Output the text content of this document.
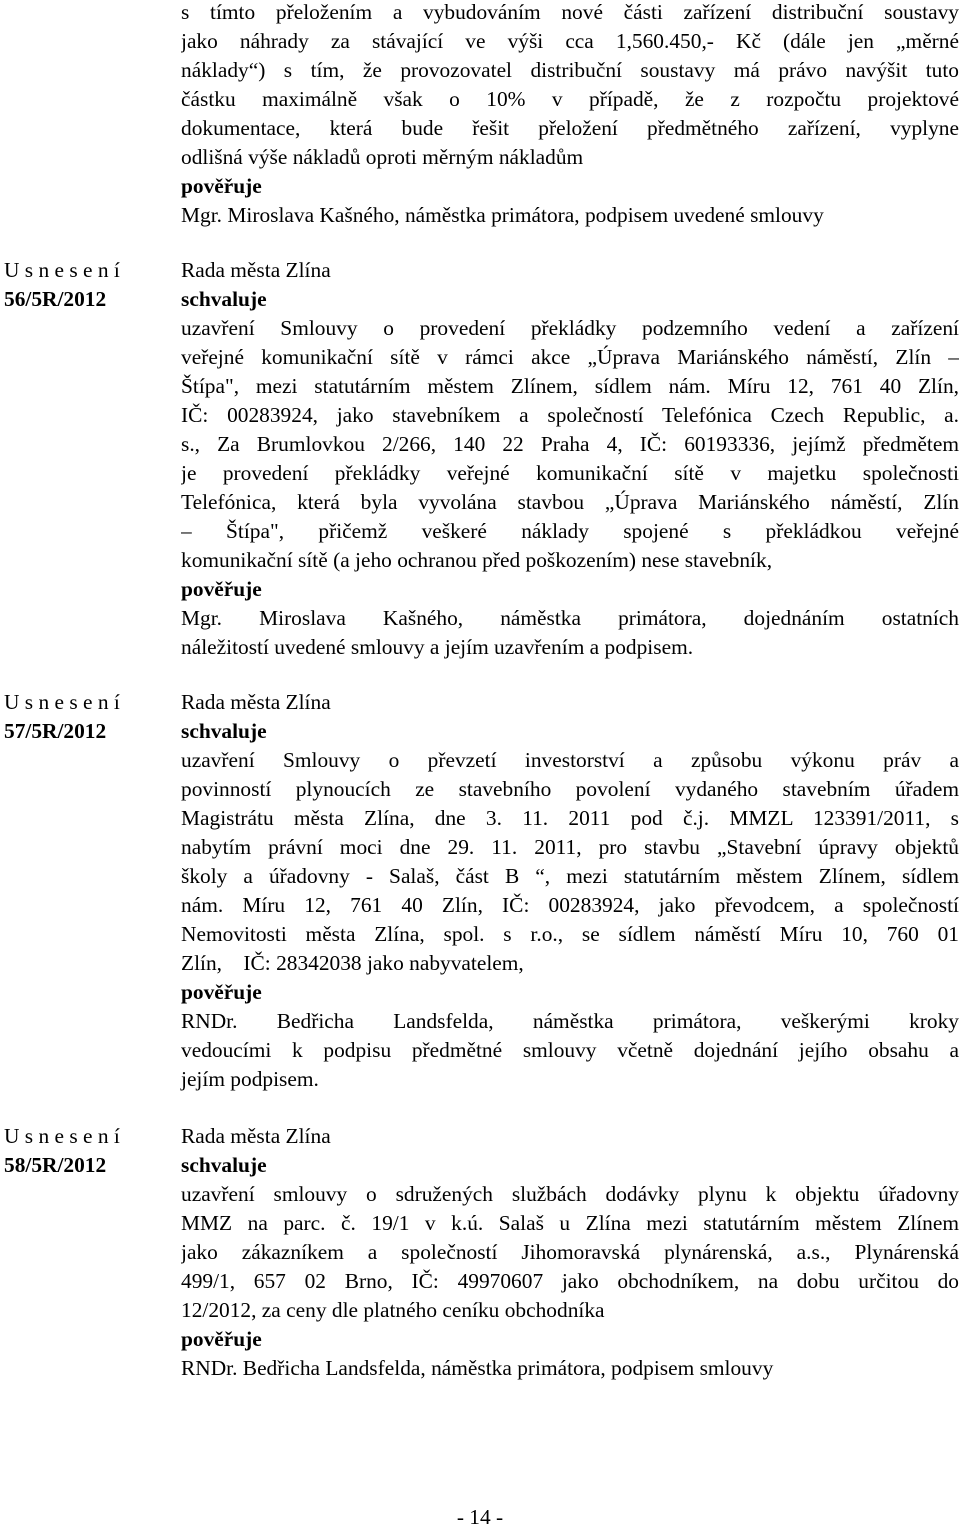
s tímto přeložením a vybudováním nové části zařízení distribuční soustavy
jako náhrady za stávající ve výši cca 1,560.450,- Kč (dále jen „měrné
náklady“) s tím, že provozovatel distribuční soustavy má právo navýšit tuto
částku maximálně však o 10% v případě, že z rozpočtu projektové
dokumentace, která bude řešit přeložení předmětného zařízení, vyplyne
odlišná výše nákladů oproti měrným nákladům
pověřuje
Mgr. Miroslava Kašného, náměstka primátora, podpisem uvedené smlouvy
U s n e s e n í
56/5R/2012
Rada města Zlína
schvaluje
uzavření Smlouvy o provedení překládky podzemního vedení a zařízení
veřejné komunikační sítě v rámci akce „Úprava Mariánského náměstí, Zlín –
Štípa", mezi statutárním městem Zlínem, sídlem nám. Míru 12, 761 40 Zlín,
IČ: 00283924, jako stavebníkem a společností Telefónica Czech Republic, a.
s., Za Brumlovkou 2/266, 140 22 Praha 4, IČ: 60193336, jejímž předmětem
je provedení překládky veřejné komunikační sítě v majetku společnosti
Telefónica, která byla vyvolána stavbou „Úprava Mariánského náměstí, Zlín
– Štípa", přičemž veškeré náklady spojené s překládkou veřejné
komunikační sítě (a jeho ochranou před poškozením) nese stavebník,
pověřuje
Mgr. Miroslava Kašného, náměstka primátora, dojednáním ostatních
náležitostí uvedené smlouvy a jejím uzavřením a podpisem.
U s n e s e n í
57/5R/2012
Rada města Zlína
schvaluje
uzavření Smlouvy o převzetí investorství a způsobu výkonu práv a
povinností plynoucích ze stavebního povolení vydaného stavebním úřadem
Magistrátu města Zlína, dne 3. 11. 2011 pod č.j. MMZL 123391/2011, s
nabytím právní moci dne 29. 11. 2011, pro stavbu „Stavební úpravy objektů
školy a úřadovny - Salaš, část B “, mezi statutárním městem Zlínem, sídlem
nám. Míru 12, 761 40 Zlín, IČ: 00283924, jako převodcem, a společností
Nemovitosti města Zlína, spol. s r.o., se sídlem náměstí Míru 10, 760 01
Zlín,    IČ: 28342038 jako nabyvatelem,
pověřuje
RNDr. Bedřicha Landsfelda, náměstka primátora, veškerými kroky
vedoucími k podpisu předmětné smlouvy včetně dojednání jejího obsahu a
jejím podpisem.
U s n e s e n í
58/5R/2012
Rada města Zlína
schvaluje
uzavření smlouvy o sdružených službách dodávky plynu k objektu úřadovny
MMZ na parc. č. 19/1 v k.ú. Salaš u Zlína mezi statutárním městem Zlínem
jako zákazníkem a společností Jihomoravská plynárenská, a.s., Plynárenská
499/1, 657 02 Brno, IČ: 49970607 jako obchodníkem, na dobu určitou do
12/2012, za ceny dle platného ceníku obchodníka
pověřuje
RNDr. Bedřicha Landsfelda, náměstka primátora, podpisem smlouvy
- 14 -
